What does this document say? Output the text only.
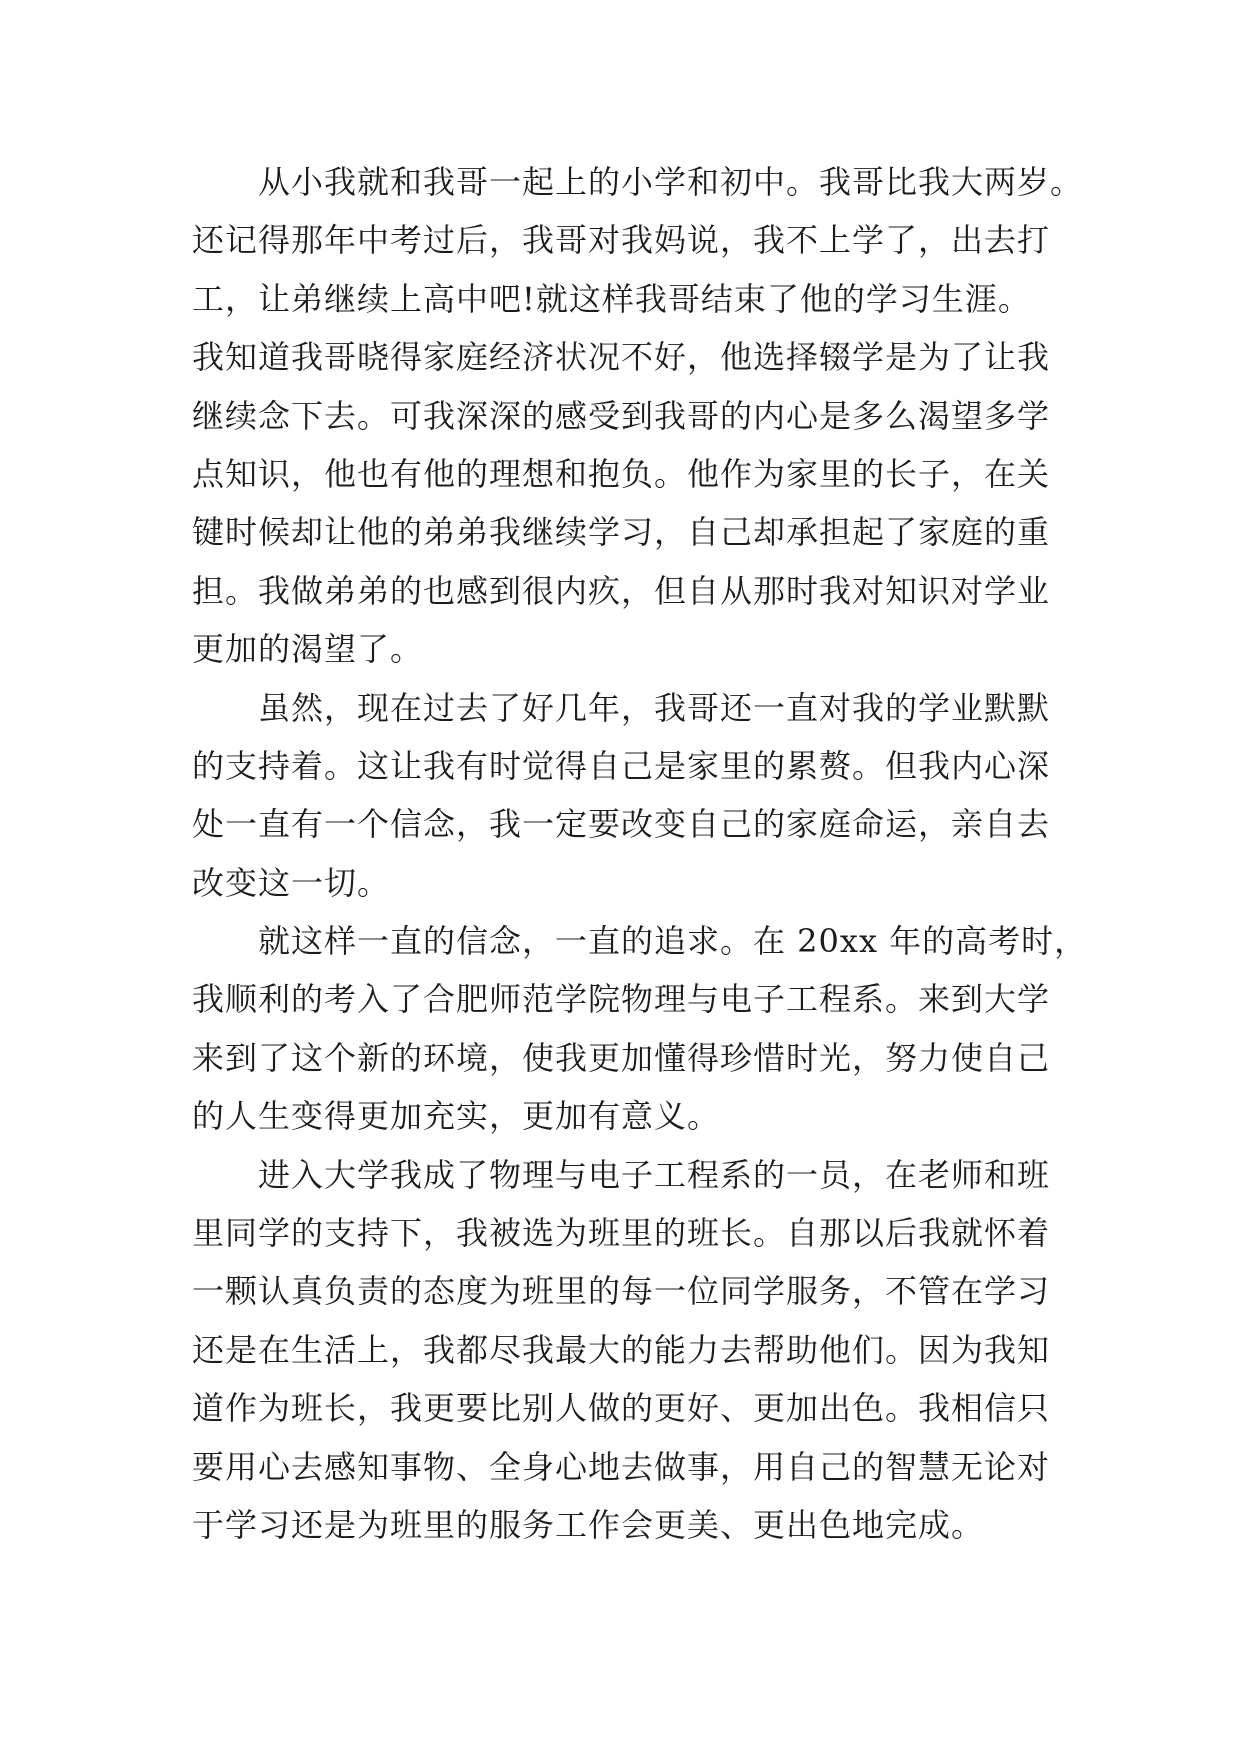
从小我就和我哥一起上的小学和初中。我哥比我大两岁。
还记得那年中考过后，我哥对我妈说，我不上学了，出去打
工，让弟继续上高中吧!就这样我哥结束了他的学习生涯。
我知道我哥晓得家庭经济状况不好，他选择辍学是为了让我
继续念下去。可我深深的感受到我哥的内心是多么渴望多学
点知识，他也有他的理想和抱负。他作为家里的长子，在关
键时候却让他的弟弟我继续学习，自己却承担起了家庭的重
担。我做弟弟的也感到很内疚，但自从那时我对知识对学业
更加的渴望了。
虽然，现在过去了好几年，我哥还一直对我的学业默默
的支持着。这让我有时觉得自己是家里的累赘。但我内心深
处一直有一个信念，我一定要改变自己的家庭命运，亲自去
改变这一切。
就这样一直的信念，一直的追求。在 20xx 年的高考时，
我顺利的考入了合肥师范学院物理与电子工程系。来到大学
来到了这个新的环境，使我更加懂得珍惜时光，努力使自己
的人生变得更加充实，更加有意义。
进入大学我成了物理与电子工程系的一员，在老师和班
里同学的支持下，我被选为班里的班长。自那以后我就怀着
一颗认真负责的态度为班里的每一位同学服务，不管在学习
还是在生活上，我都尽我最大的能力去帮助他们。因为我知
道作为班长，我更要比别人做的更好、更加出色。我相信只
要用心去感知事物、全身心地去做事，用自己的智慧无论对
于学习还是为班里的服务工作会更美、更出色地完成。
